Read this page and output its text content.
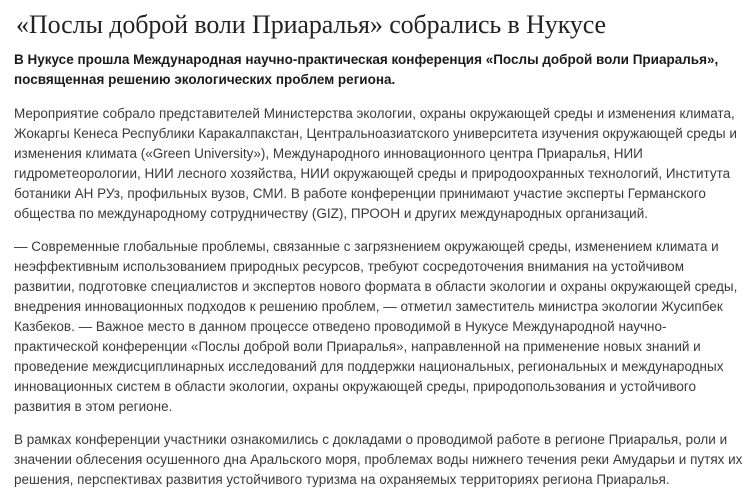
«Послы доброй воли Приаралья» собрались в Нукусе

В Нукусе прошла Международная научно-практическая конференция «Послы доброй воли Приаралья», посвященная решению экологических проблем региона.

Мероприятие собрало представителей Министерства экологии, охраны окружающей среды и изменения климата, Жокаргы Кенеса Республики Каракалпакстан, Центральноазиатского университета изучения окружающей среды и изменения климата («Green University»), Международного инновационного центра Приаралья, НИИ гидрометеорологии, НИИ лесного хозяйства, НИИ окружающей среды и природоохранных технологий, Института ботаники АН РУз, профильных вузов, СМИ. В работе конференции принимают участие эксперты Германского общества по международному сотрудничеству (GIZ), ПРООН и других международных организаций.

— Современные глобальные проблемы, связанные с загрязнением окружающей среды, изменением климата и неэффективным использованием природных ресурсов, требуют сосредоточения внимания на устойчивом развитии, подготовке специалистов и экспертов нового формата в области экологии и охраны окружающей среды, внедрения инновационных подходов к решению проблем, — отметил заместитель министра экологии Жусипбек Казбеков. — Важное место в данном процессе отведено проводимой в Нукусе Международной научно-практической конференции «Послы доброй воли Приаралья», направленной на применение новых знаний и проведение междисциплинарных исследований для поддержки национальных, региональных и международных инновационных систем в области экологии, охраны окружающей среды, природопользования и устойчивого развития в этом регионе.

В рамках конференции участники ознакомились с докладами о проводимой работе в регионе Приаралья, роли и значении облесения осушенного дна Аральского моря, проблемах воды нижнего течения реки Амударьи и путях их решения, перспективах развития устойчивого туризма на охраняемых территориях региона Приаралья.
